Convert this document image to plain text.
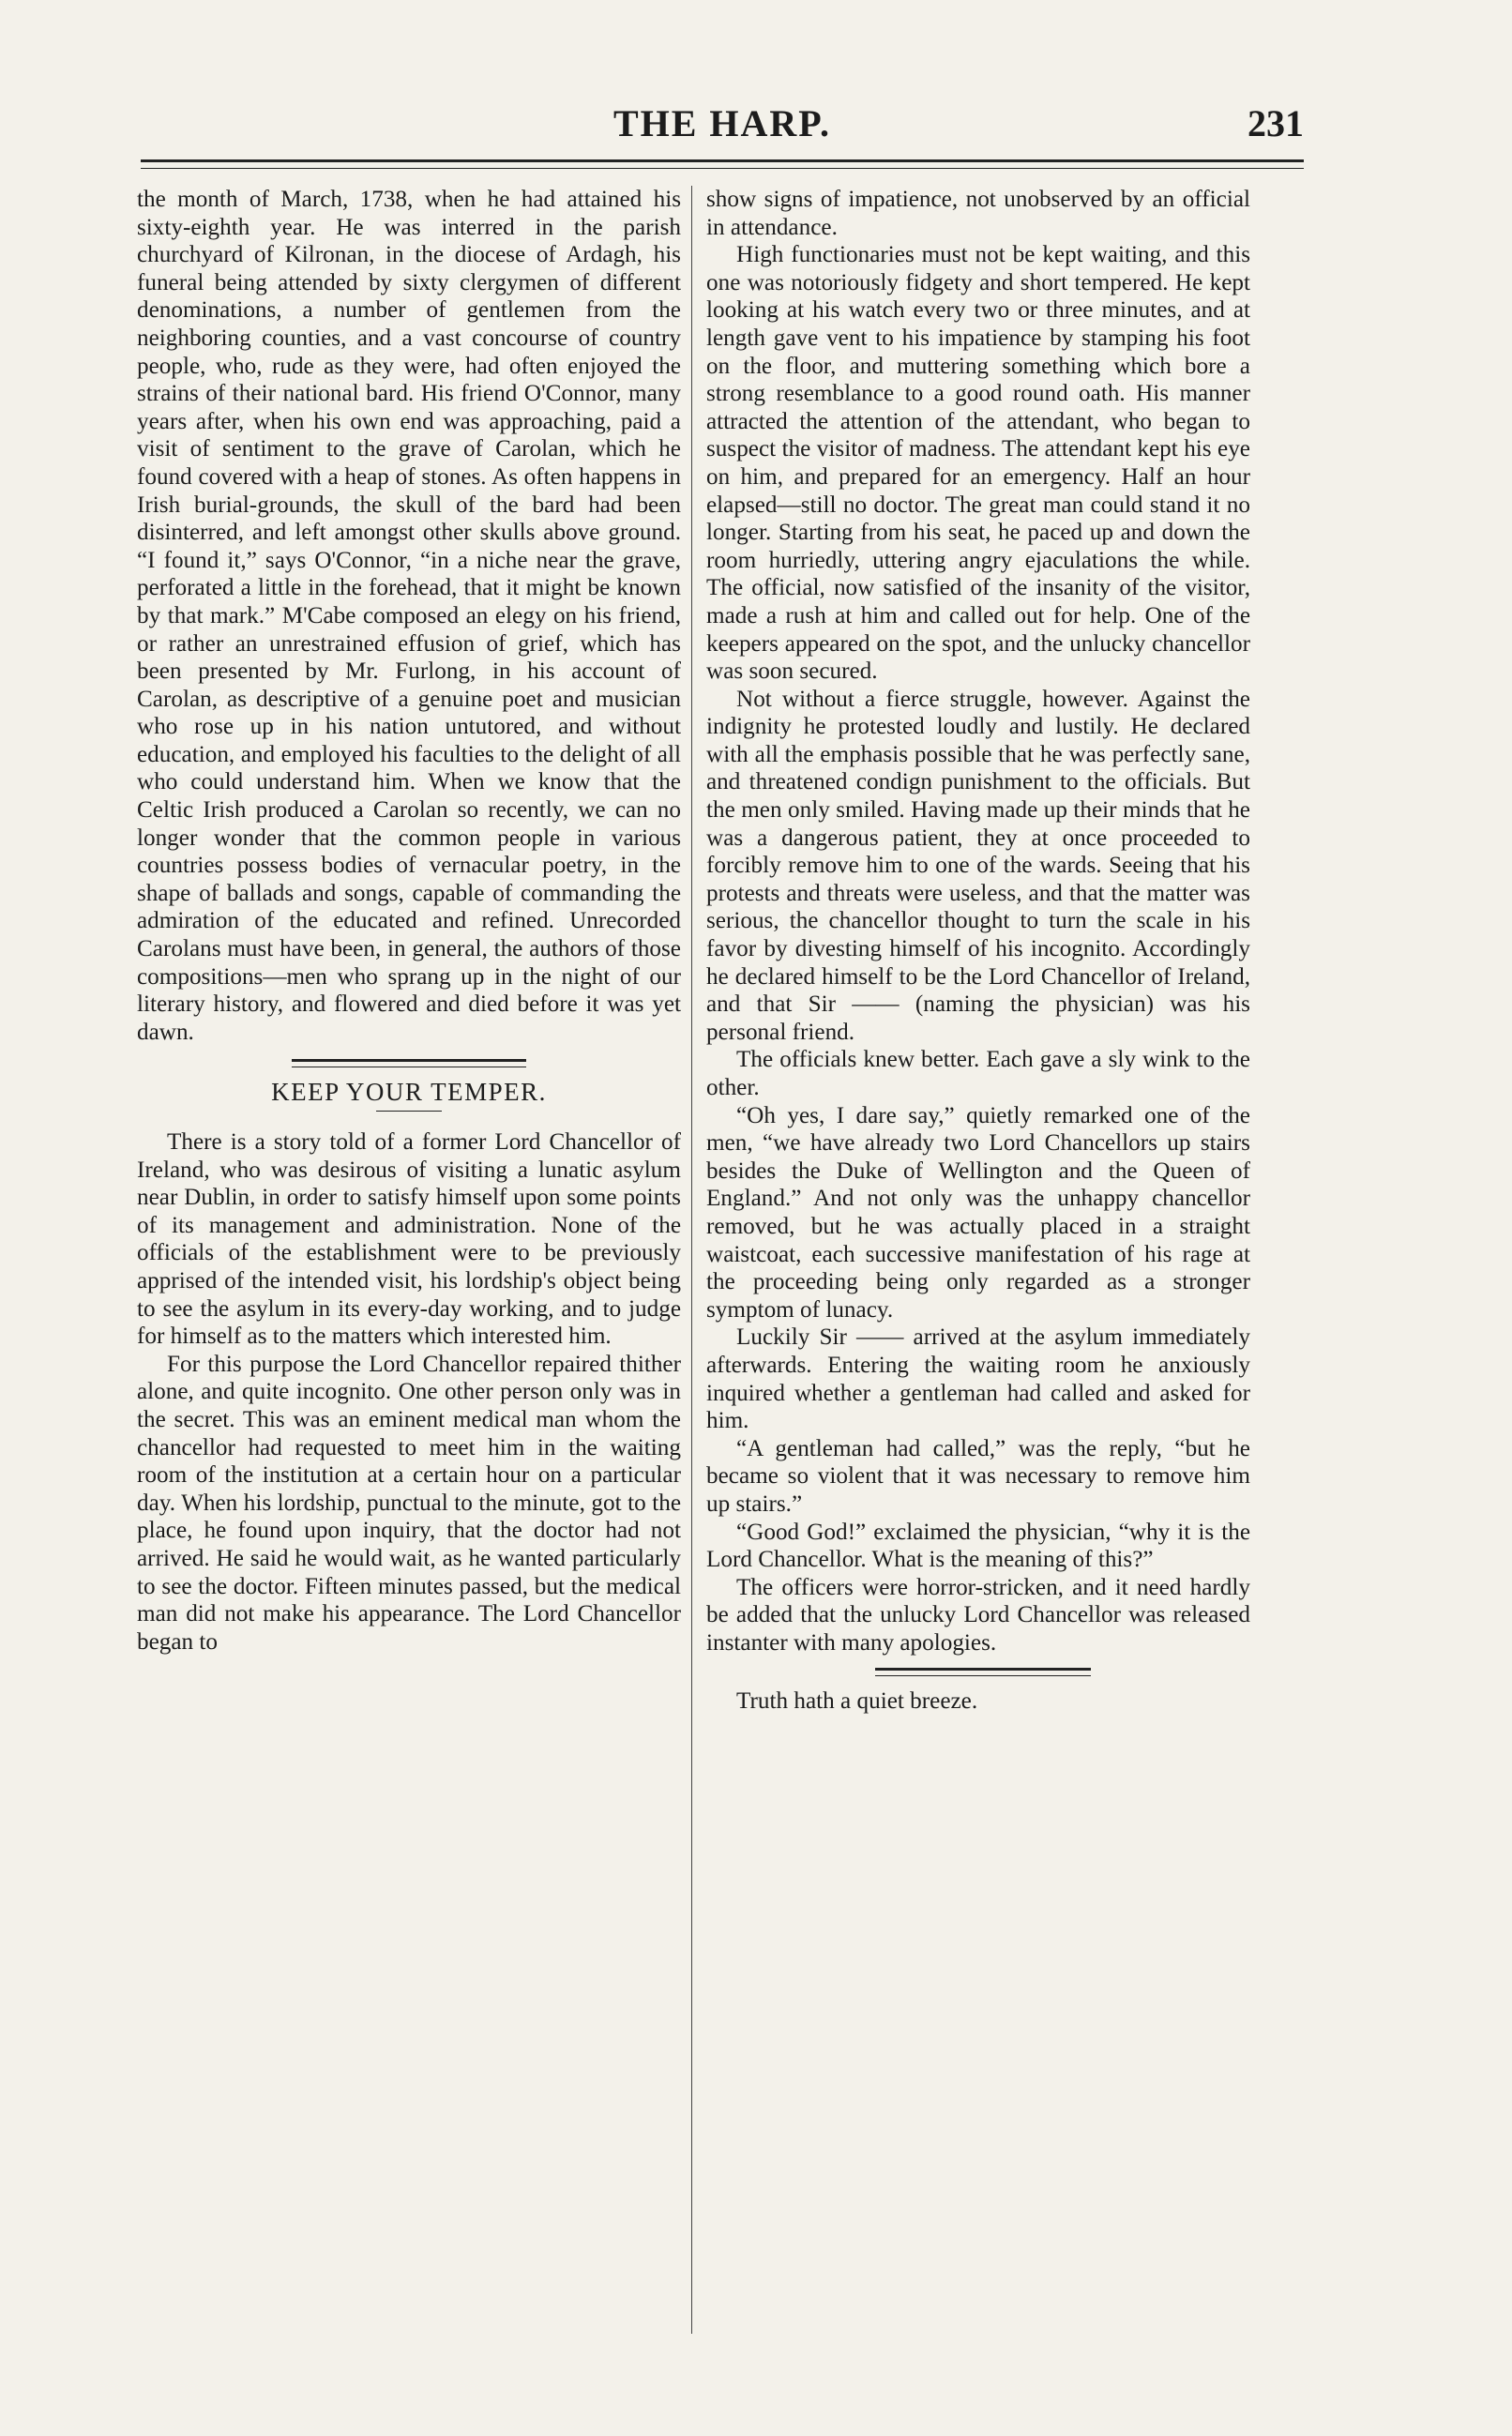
THE HARP.	231

the month of March, 1738, when he had attained his sixty-eighth year. He was interred in the parish churchyard of Kilronan, in the diocese of Ardagh, his funeral being attended by sixty clergymen of different denominations, a number of gentlemen from the neighboring counties, and a vast concourse of country people, who, rude as they were, had often enjoyed the strains of their national bard. His friend O'Connor, many years after, when his own end was approaching, paid a visit of sentiment to the grave of Carolan, which he found covered with a heap of stones. As often happens in Irish burial-grounds, the skull of the bard had been disinterred, and left amongst other skulls above ground. “I found it,” says O'Connor, “in a niche near the grave, perforated a little in the forehead, that it might be known by that mark.” M'Cabe composed an elegy on his friend, or rather an unrestrained effusion of grief, which has been presented by Mr. Furlong, in his account of Carolan, as descriptive of a genuine poet and musician who rose up in his nation untutored, and without education, and employed his faculties to the delight of all who could understand him. When we know that the Celtic Irish produced a Carolan so recently, we can no longer wonder that the common people in various countries possess bodies of vernacular poetry, in the shape of ballads and songs, capable of commanding the admiration of the educated and refined. Unrecorded Carolans must have been, in general, the authors of those compositions—men who sprang up in the night of our literary history, and flowered and died before it was yet dawn.

KEEP YOUR TEMPER.

There is a story told of a former Lord Chancellor of Ireland, who was desirous of visiting a lunatic asylum near Dublin, in order to satisfy himself upon some points of its management and administration. None of the officials of the establishment were to be previously apprised of the intended visit, his lordship's object being to see the asylum in its every-day working, and to judge for himself as to the matters which interested him.

For this purpose the Lord Chancellor repaired thither alone, and quite incognito. One other person only was in the secret. This was an eminent medical man whom the chancellor had requested to meet him in the waiting room of the institution at a certain hour on a particular day. When his lordship, punctual to the minute, got to the place, he found upon inquiry, that the doctor had not arrived. He said he would wait, as he wanted particularly to see the doctor. Fifteen minutes passed, but the medical man did not make his appearance. The Lord Chancellor began to

show signs of impatience, not unobserved by an official in attendance.

High functionaries must not be kept waiting, and this one was notoriously fidgety and short tempered. He kept looking at his watch every two or three minutes, and at length gave vent to his impatience by stamping his foot on the floor, and muttering something which bore a strong resemblance to a good round oath. His manner attracted the attention of the attendant, who began to suspect the visitor of madness. The attendant kept his eye on him, and prepared for an emergency. Half an hour elapsed—still no doctor. The great man could stand it no longer. Starting from his seat, he paced up and down the room hurriedly, uttering angry ejaculations the while. The official, now satisfied of the insanity of the visitor, made a rush at him and called out for help. One of the keepers appeared on the spot, and the unlucky chancellor was soon secured.

Not without a fierce struggle, however. Against the indignity he protested loudly and lustily. He declared with all the emphasis possible that he was perfectly sane, and threatened condign punishment to the officials. But the men only smiled. Having made up their minds that he was a dangerous patient, they at once proceeded to forcibly remove him to one of the wards. Seeing that his protests and threats were useless, and that the matter was serious, the chancellor thought to turn the scale in his favor by divesting himself of his incognito. Accordingly he declared himself to be the Lord Chancellor of Ireland, and that Sir —— (naming the physician) was his personal friend.

The officials knew better. Each gave a sly wink to the other.

“Oh yes, I dare say,” quietly remarked one of the men, “we have already two Lord Chancellors up stairs besides the Duke of Wellington and the Queen of England.” And not only was the unhappy chancellor removed, but he was actually placed in a straight waistcoat, each successive manifestation of his rage at the proceeding being only regarded as a stronger symptom of lunacy.

Luckily Sir —— arrived at the asylum immediately afterwards. Entering the waiting room he anxiously inquired whether a gentleman had called and asked for him.

“A gentleman had called,” was the reply, “but he became so violent that it was necessary to remove him up stairs.”

“Good God!” exclaimed the physician, “why it is the Lord Chancellor. What is the meaning of this?”

The officers were horror-stricken, and it need hardly be added that the unlucky Lord Chancellor was released instanter with many apologies.

Truth hath a quiet breeze.
